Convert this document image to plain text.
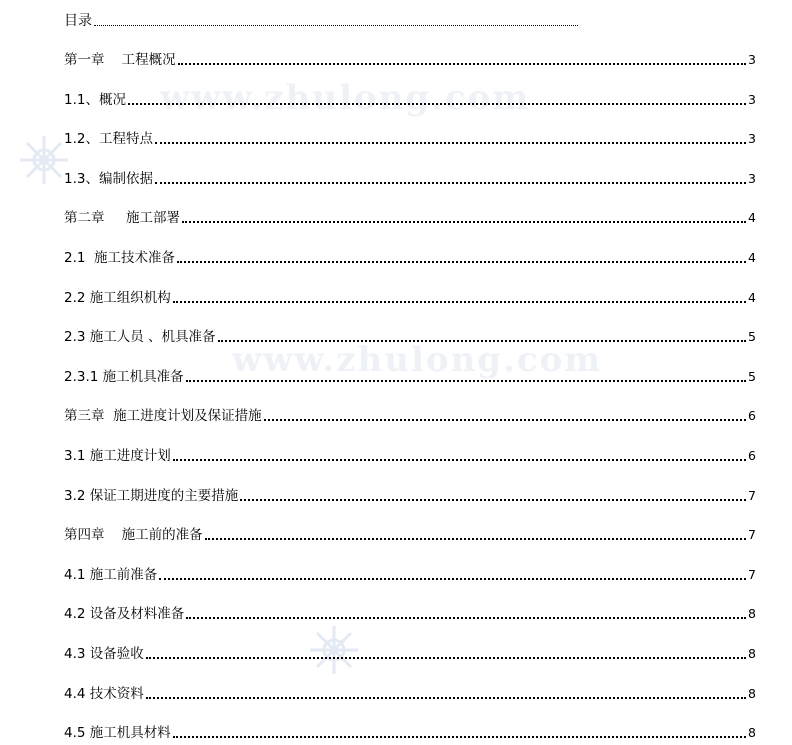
www.zhulong.com
www.zhulong.com
目录
第一章    工程概况	3
1.1、概况	3
1.2、工程特点	3
1.3、编制依据	3
第二章     施工部署	4
2.1  施工技术准备	4
2.2 施工组织机构	4
2.3 施工人员 、机具准备	5
2.3.1 施工机具准备	5
第三章  施工进度计划及保证措施	6
3.1 施工进度计划	6
3.2 保证工期进度的主要措施	7
第四章    施工前的准备	7
4.1 施工前准备	7
4.2 设备及材料准备	8
4.3 设备验收	8
4.4 技术资料	8
4.5 施工机具材料	8
